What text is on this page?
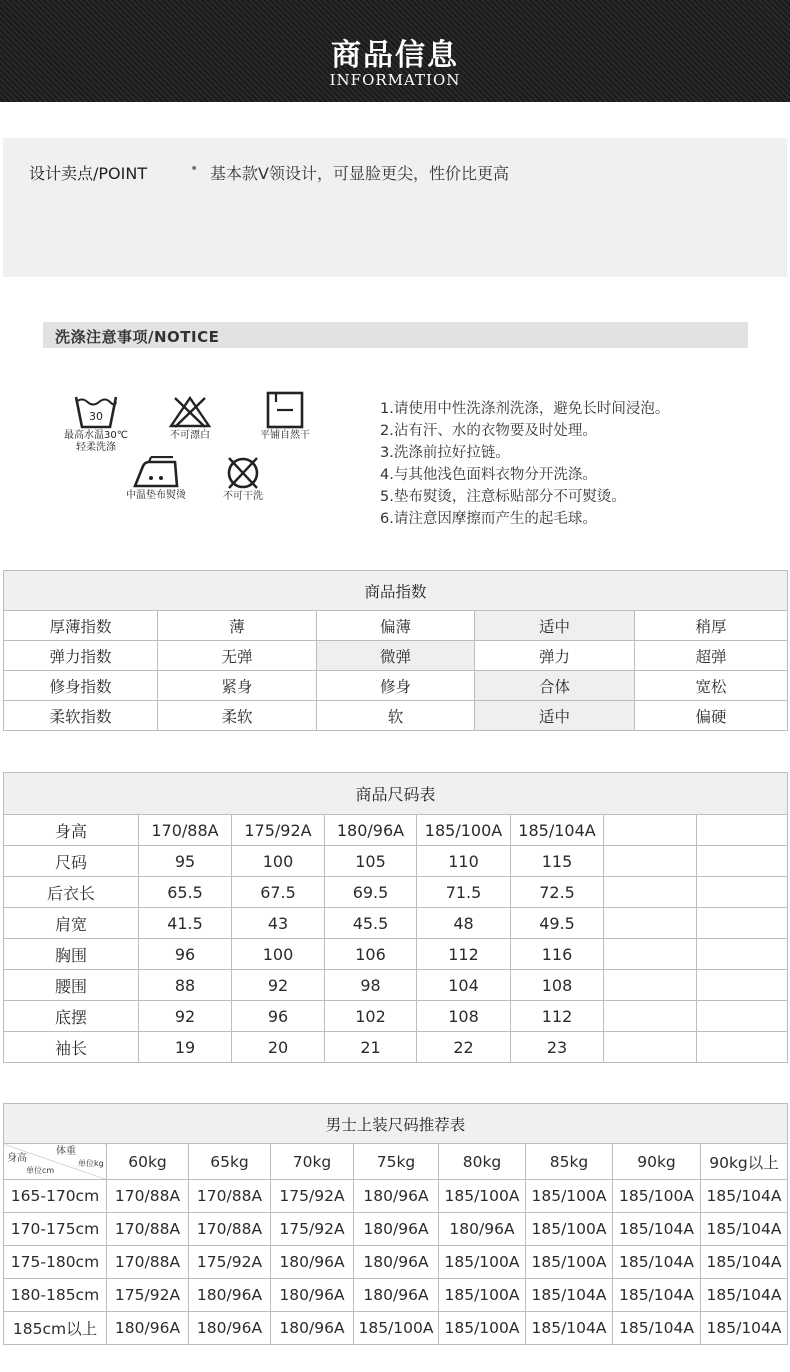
商品信息
INFORMATION
设计卖点/POINT	• 基本款V领设计，可显脸更尖，性价比更高
洗涤注意事项/NOTICE
30
最高水温30℃
轻柔洗涤
不可漂白	平铺自然干
中温垫布熨烫	不可干洗
1.请使用中性洗涤剂洗涤，避免长时间浸泡。
2.沾有汗、水的衣物要及时处理。
3.洗涤前拉好拉链。
4.与其他浅色面料衣物分开洗涤。
5.垫布熨烫，注意标贴部分不可熨烫。
6.请注意因摩擦而产生的起毛球。
商品指数				
厚薄指数	薄	偏薄	适中	稍厚
弹力指数	无弹	微弹	弹力	超弹
修身指数	紧身	修身	合体	宽松
柔软指数	柔软	软	适中	偏硬
商品尺码表							
身高	170/88A	175/92A	180/96A	185/100A	185/104A		
尺码	95	100	105	110	115		
后衣长	65.5	67.5	69.5	71.5	72.5		
肩宽	41.5	43	45.5	48	49.5		
胸围	96	100	106	112	116		
腰围	88	92	98	104	108		
底摆	92	96	102	108	112		
袖长	19	20	21	22	23		
男士上装尺码推荐表								

体重
单位kg
身高
单位cm	60kg	65kg	70kg	75kg	80kg	85kg	90kg	90kg以上
165-170cm	170/88A	170/88A	175/92A	180/96A	185/100A	185/100A	185/100A	185/104A
170-175cm	170/88A	170/88A	175/92A	180/96A	180/96A	185/100A	185/104A	185/104A
175-180cm	170/88A	175/92A	180/96A	180/96A	185/100A	185/100A	185/104A	185/104A
180-185cm	175/92A	180/96A	180/96A	180/96A	185/100A	185/104A	185/104A	185/104A
185cm以上	180/96A	180/96A	180/96A	185/100A	185/100A	185/104A	185/104A	185/104A
